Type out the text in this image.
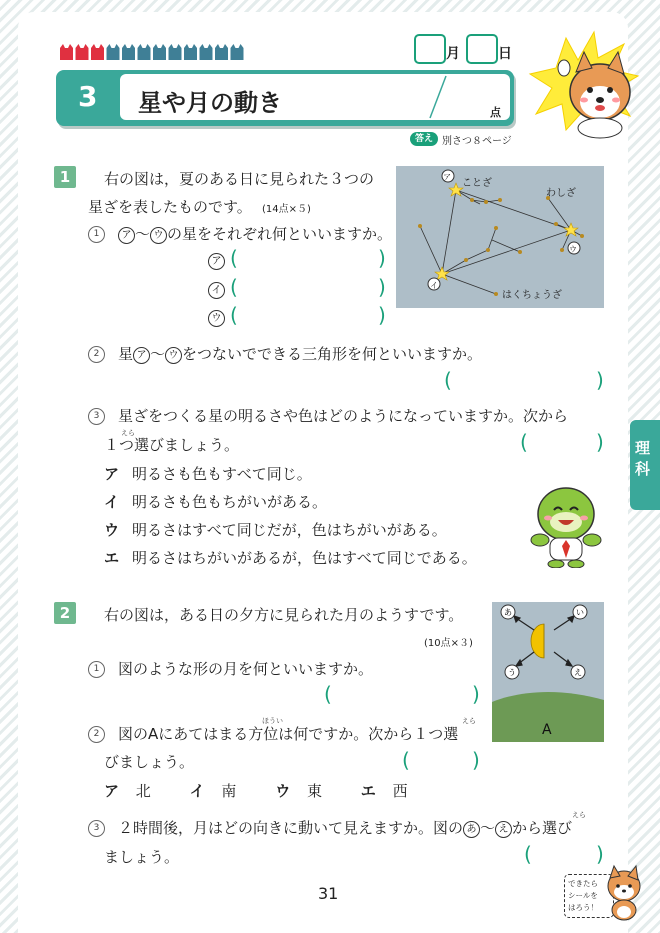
月	日
3 星や月の動き	点
答え 別さつ８ページ
理科
1	右の図は，夏のある日に見られた３つの
星ざを表したものです。 (14点×５)
ア
イ
ウ
ことざ
わしざ
はくちょうざ
1	ア ～ ウ の星をそれぞれ何といいますか。
ア (	)
イ (	)
ウ (	)
2	星 ア ～ ウ をつないでできる三角形を何といいますか。
(	)
3	星ざをつくる星の明るさや色はどのようになっていますか。次から
えら
１つ選びましょう。	(	)
ア 明るさも色もすべて同じ。
イ 明るさも色もちがいがある。
ウ 明るさはすべて同じだが，色はちがいがある。
エ 明るさはちがいがあるが，色はすべて同じである。
2	右の図は，ある日の夕方に見られた月のようすです。
(10点×３)
あ	い
う	え
A
1	図のような形の月を何といいますか。
(	)
2
ほうい	えら
図のAにあてはまる方位は何ですか。次から１つ選
びましょう。	(	)
ア 北	イ 南	ウ 東	エ 西
3
えら
２時間後，月はどの向きに動いて見えますか。図の あ ～ え から選び
ましょう。	(	)
31
できたら
シールを
はろう！
